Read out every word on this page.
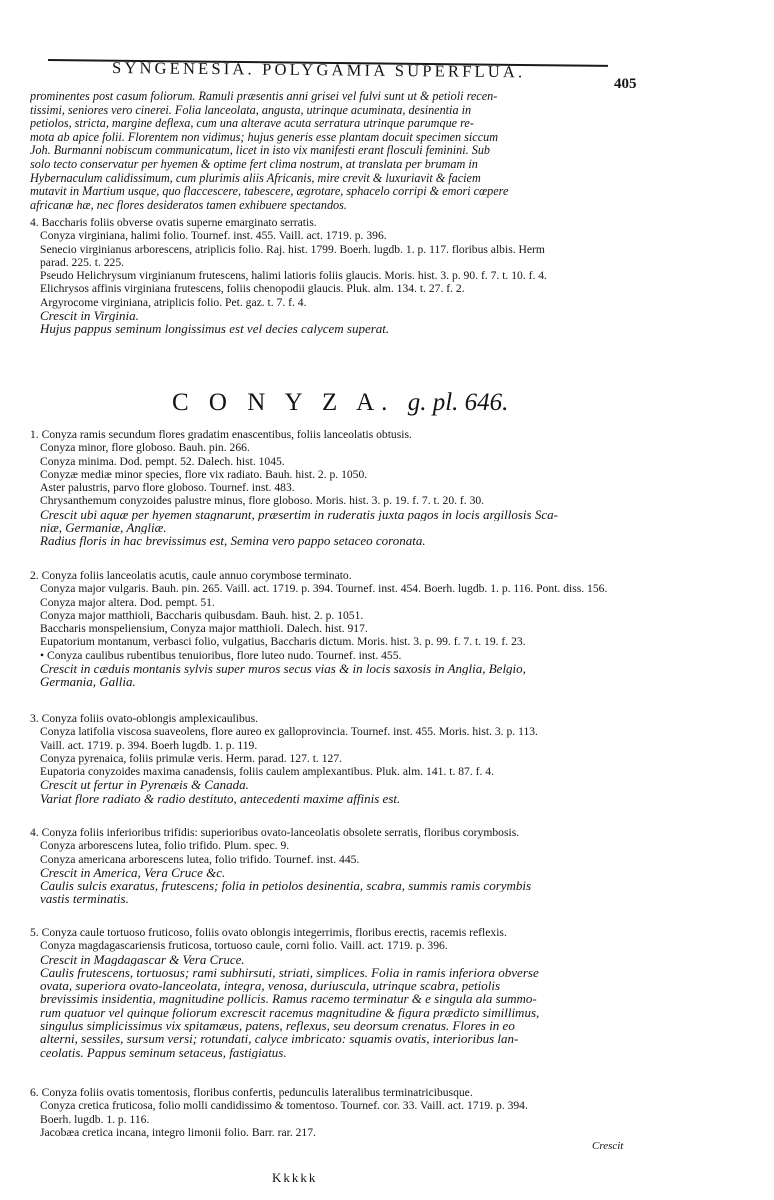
SYNGENESIA. POLYGAMIA SUPERFLUA.
405
prominentes post casum foliorum. Ramuli præsentis anni grisei vel fulvi sunt ut & petioli recen-
tissimi, seniores vero cinerei. Folia lanceolata, angusta, utrinque acuminata, desinentia in
petiolos, stricta, margine deflexa, cum una alterave acuta serratura utrinque parumque re-
mota ab apice folii. Florentem non vidimus; hujus generis esse plantam docuit specimen siccum
Joh. Burmanni nobiscum communicatum, licet in isto vix manifesti erant flosculi feminini. Sub
solo tecto conservatur per hyemen & optime fert clima nostrum, at translata per brumam in
Hybernaculum calidissimum, cum plurimis aliis Africanis, mire crevit & luxuriavit & faciem
mutavit in Martium usque, quo flaccescere, tabescere, ægrotare, sphacelo corripi & emori cœpere
africanæ hæ, nec flores desideratos tamen exhibuere spectandos.
4. Baccharis foliis obverse ovatis superne emarginato serratis.
Conyza virginiana, halimi folio. Tournef. inst. 455. Vaill. act. 1719. p. 396.
Senecio virginianus arborescens, atriplicis folio. Raj. hist. 1799. Boerh. lugdb. 1. p. 117. floribus albis. Herm
parad. 225. t. 225.
Pseudo Helichrysum virginianum frutescens, halimi latioris foliis glaucis. Moris. hist. 3. p. 90. f. 7. t. 10. f. 4.
Elichrysos affinis virginiana frutescens, foliis chenopodii glaucis. Pluk. alm. 134. t. 27. f. 2.
Argyrocome virginiana, atriplicis folio. Pet. gaz. t. 7. f. 4.
Crescit in Virginia.
Hujus pappus seminum longissimus est vel decies calycem superat.
C O N Y Z A. g. pl. 646.
1. Conyza ramis secundum flores gradatim enascentibus, foliis lanceolatis obtusis.
Conyza minor, flore globoso. Bauh. pin. 266.
Conyza minima. Dod. pempt. 52. Dalech. hist. 1045.
Conyzæ mediæ minor species, flore vix radiato. Bauh. hist. 2. p. 1050.
Aster palustris, parvo flore globoso. Tournef. inst. 483.
Chrysanthemum conyzoides palustre minus, flore globoso. Moris. hist. 3. p. 19. f. 7. t. 20. f. 30.
Crescit ubi aquæ per hyemen stagnarunt, præsertim in ruderatis juxta pagos in locis argillosis Sca-
niæ, Germaniæ, Angliæ.
Radius floris in hac brevissimus est, Semina vero pappo setaceo coronata.
2. Conyza foliis lanceolatis acutis, caule annuo corymbose terminato.
Conyza major vulgaris. Bauh. pin. 265. Vaill. act. 1719. p. 394. Tournef. inst. 454. Boerh. lugdb. 1. p. 116. Pont. diss. 156.
Conyza major altera. Dod. pempt. 51.
Conyza major matthioli, Baccharis quibusdam. Bauh. hist. 2. p. 1051.
Baccharis monspeliensium, Conyza major matthioli. Dalech. hist. 917.
Eupatorium montanum, verbasci folio, vulgatius, Baccharis dictum. Moris. hist. 3. p. 99. f. 7. t. 19. f. 23.
• Conyza caulibus rubentibus tenuioribus, flore luteo nudo. Tournef. inst. 455.
Crescit in cæduis montanis sylvis super muros secus vias & in locis saxosis in Anglia, Belgio,
Germania, Gallia.
3. Conyza foliis ovato-oblongis amplexicaulibus.
Conyza latifolia viscosa suaveolens, flore aureo ex galloprovincia. Tournef. inst. 455. Moris. hist. 3. p. 113.
Vaill. act. 1719. p. 394. Boerh lugdb. 1. p. 119.
Conyza pyrenaica, foliis primulæ veris. Herm. parad. 127. t. 127.
Eupatoria conyzoides maxima canadensis, foliis caulem amplexantibus. Pluk. alm. 141. t. 87. f. 4.
Crescit ut fertur in Pyrenæis & Canada.
Variat flore radiato & radio destituto, antecedenti maxime affinis est.
4. Conyza foliis inferioribus trifidis: superioribus ovato-lanceolatis obsolete serratis, floribus corymbosis.
Conyza arborescens lutea, folio trifido. Plum. spec. 9.
Conyza americana arborescens lutea, folio trifido. Tournef. inst. 445.
Crescit in America, Vera Cruce &c.
Caulis sulcis exaratus, frutescens; folia in petiolos desinentia, scabra, summis ramis corymbis
vastis terminatis.
5. Conyza caule tortuoso fruticoso, foliis ovato oblongis integerrimis, floribus erectis, racemis reflexis.
Conyza magdagascariensis fruticosa, tortuoso caule, corni folio. Vaill. act. 1719. p. 396.
Crescit in Magdagascar & Vera Cruce.
Caulis frutescens, tortuosus; rami subhirsuti, striati, simplices. Folia in ramis inferiora obverse
ovata, superiora ovato-lanceolata, integra, venosa, duriuscula, utrinque scabra, petiolis
brevissimis insidentia, magnitudine pollicis. Ramus racemo terminatur & e singula ala summo-
rum quatuor vel quinque foliorum excrescit racemus magnitudine & figura prædicto simillimus,
singulus simplicissimus vix spitamæus, patens, reflexus, seu deorsum crenatus. Flores in eo
alterni, sessiles, sursum versi; rotundati, calyce imbricato: squamis ovatis, interioribus lan-
ceolatis. Pappus seminum setaceus, fastigiatus.
6. Conyza foliis ovatis tomentosis, floribus confertis, pedunculis lateralibus terminatricibusque.
Conyza cretica fruticosa, folio molli candidissimo & tomentoso. Tournef. cor. 33. Vaill. act. 1719. p. 394.
Boerh. lugdb. 1. p. 116.
Jacobæa cretica incana, integro limonii folio. Barr. rar. 217.
Crescit
Kkkkk
